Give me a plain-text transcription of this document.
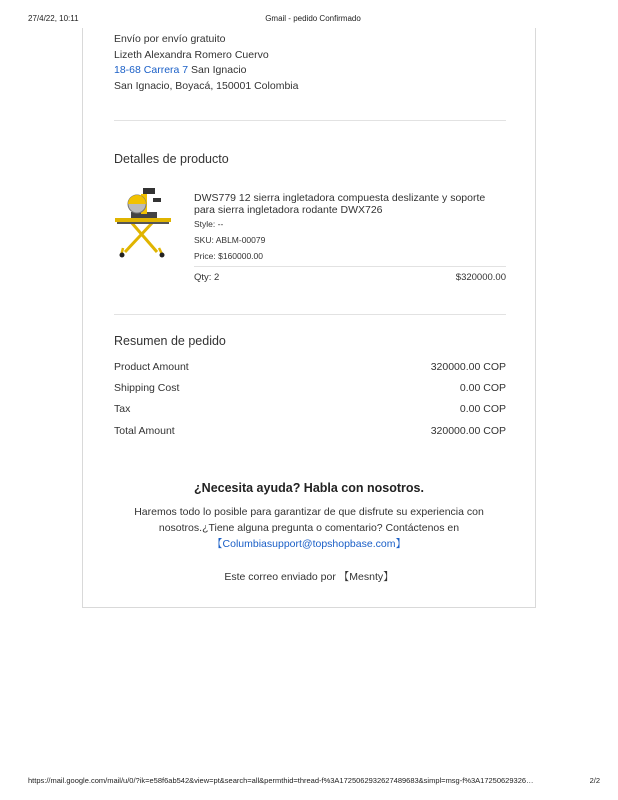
27/4/22, 10:11	Gmail - pedido Confirmado
Envío por envío gratuito
Lizeth Alexandra Romero Cuervo
18-68 Carrera 7 San Ignacio
San Ignacio, Boyacá, 150001 Colombia
Detalles de producto
DWS779 12 sierra ingletadora compuesta deslizante y soporte para sierra ingletadora rodante DWX726
Style: --
SKU: ABLM-00079
Price: $160000.00
Qty: 2	$320000.00
Resumen de pedido
Product Amount	320000.00 COP
Shipping Cost	0.00 COP
Tax	0.00 COP
Total Amount	320000.00 COP
¿Necesita ayuda? Habla con nosotros.
Haremos todo lo posible para garantizar de que disfrute su experiencia con nosotros.¿Tiene alguna pregunta o comentario? Contáctenos en
【Columbiasupport@topshopbase.com】
Este correo enviado por 【Mesnty】
https://mail.google.com/mail/u/0/?ik=e58f6ab542&view=pt&search=all&permthid=thread-f%3A1725062932627489683&simpl=msg-f%3A17250629326…	2/2
